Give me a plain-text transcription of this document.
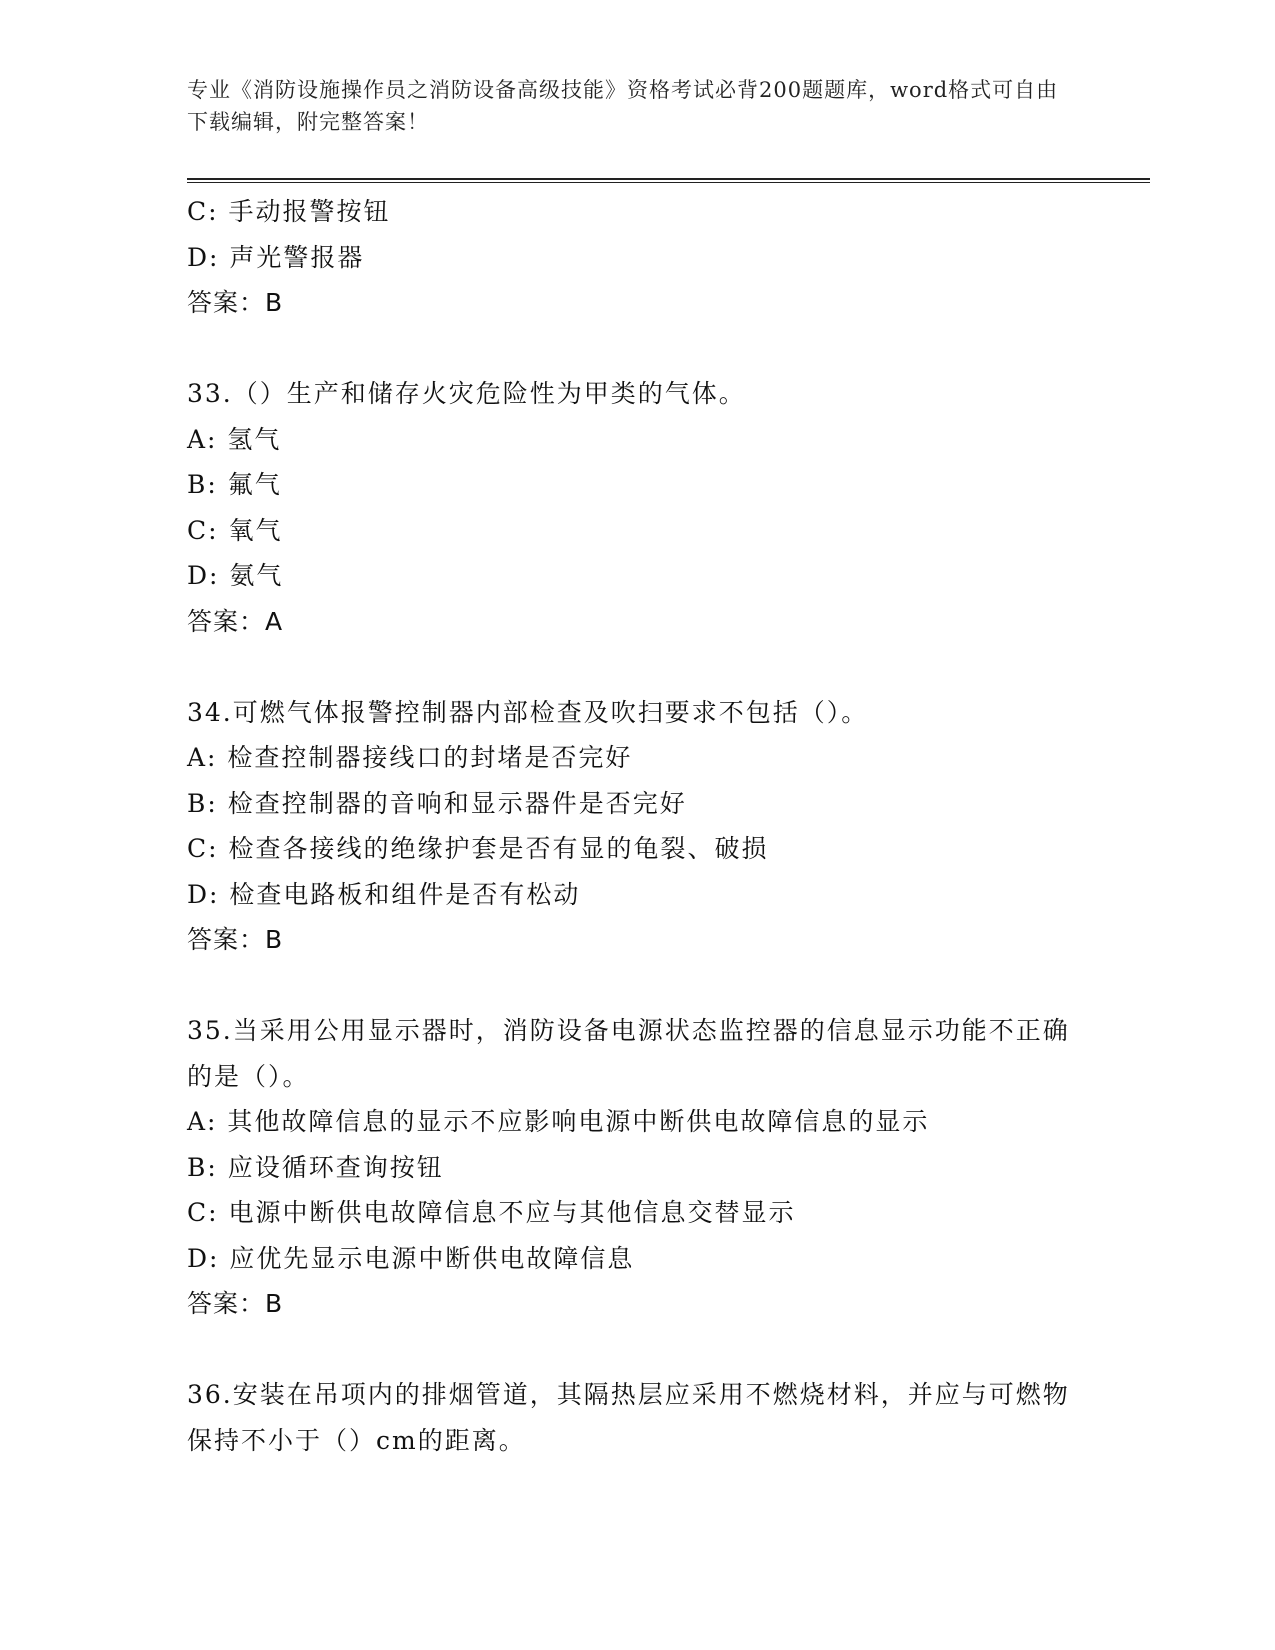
专业《消防设施操作员之消防设备高级技能》资格考试必背200题题库，word格式可自由下载编辑，附完整答案！
C: 手动报警按钮
D: 声光警报器
答案：B
33.（）生产和储存火灾危险性为甲类的气体。
A: 氢气
B: 氟气
C: 氧气
D: 氨气
答案：A
34.可燃气体报警控制器内部检查及吹扫要求不包括（）。
A: 检查控制器接线口的封堵是否完好
B: 检查控制器的音响和显示器件是否完好
C: 检查各接线的绝缘护套是否有显的龟裂、破损
D: 检查电路板和组件是否有松动
答案：B
35.当采用公用显示器时，消防设备电源状态监控器的信息显示功能不正确的是（）。
A: 其他故障信息的显示不应影响电源中断供电故障信息的显示
B: 应设循环查询按钮
C: 电源中断供电故障信息不应与其他信息交替显示
D: 应优先显示电源中断供电故障信息
答案：B
36.安装在吊项内的排烟管道，其隔热层应采用不燃烧材料，并应与可燃物保持不小于（）cm的距离。
